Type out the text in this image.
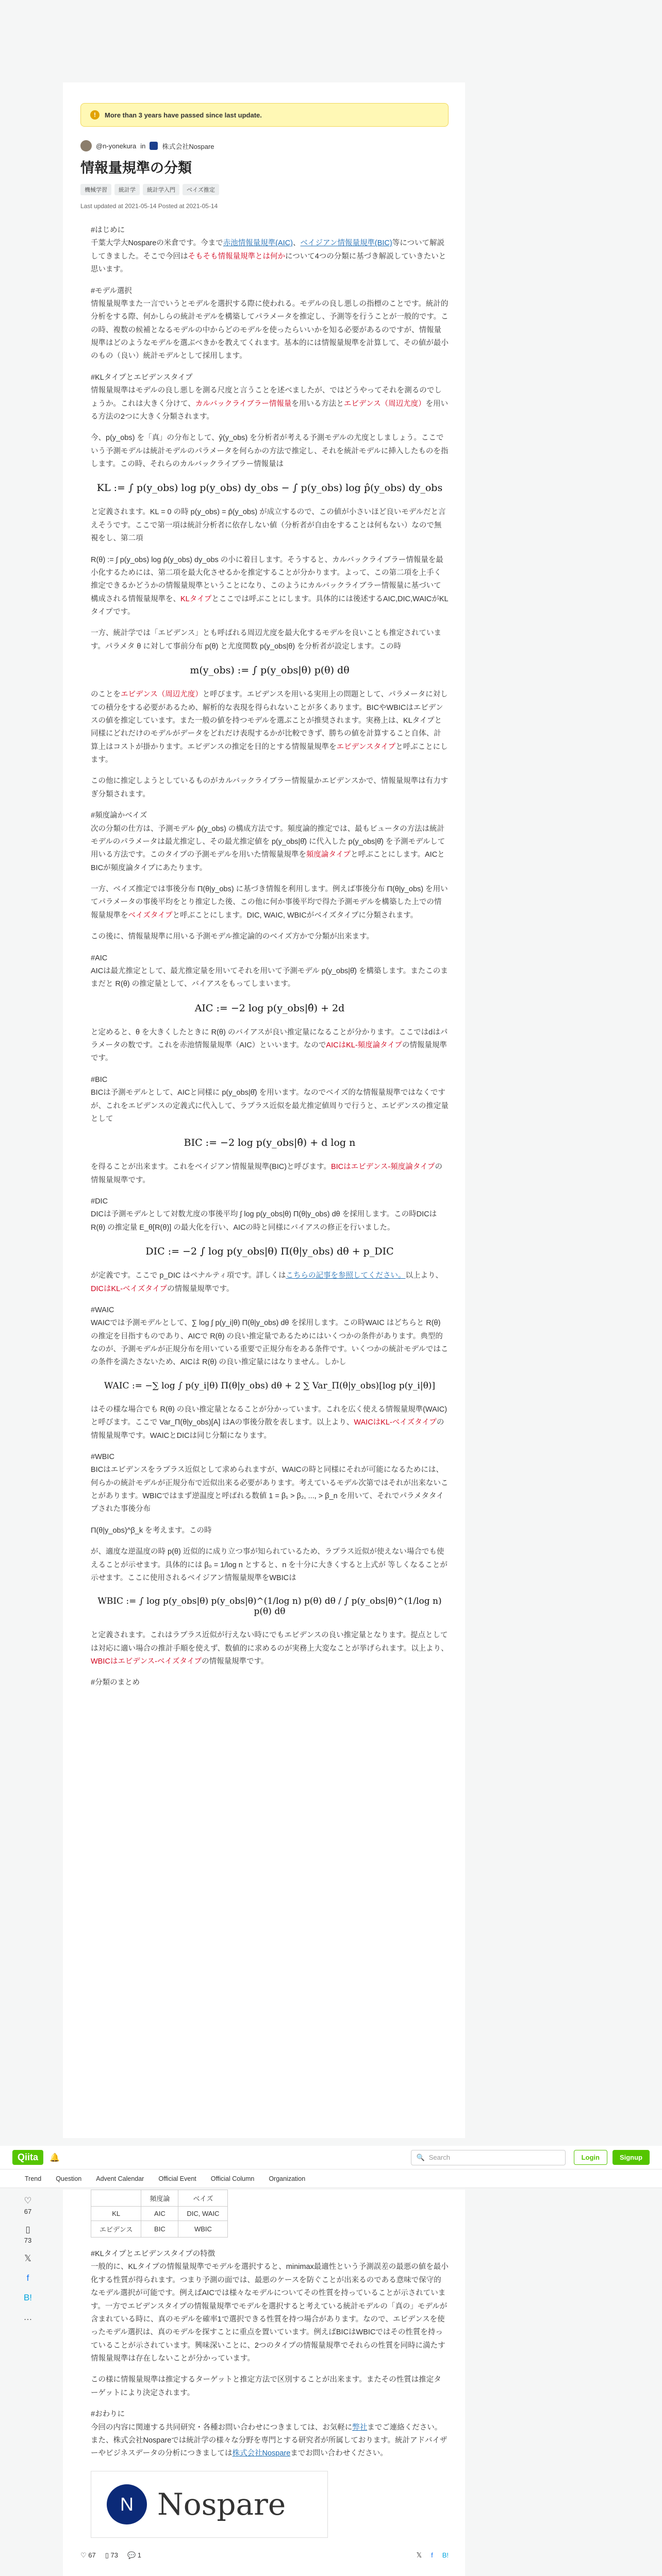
!	More than 3 years have passed since last update.
@n-yonekura in 株式会社Nospare
情報量規準の分類
機械学習	統計学	統計学入門	ベイズ推定
Last updated at 2021-05-14 Posted at 2021-05-14
#はじめに

千葉大学大Nospareの米倉です。今まで赤池情報量規準(AIC)、ベイジアン情報量規準(BIC)等について解説してきました。そこで今回はそもそも情報量規準とは何かについて4つの分類に基づき解説していきたいと思います。

#モデル選択

情報量規準また一言でいうとモデルを選択する際に使われる。モデルの良し悪しの指標のことです。統計的分析をする際、何かしらの統計モデルを構築してパラメータを推定し、予測等を行うことが一般的です。この時、複数の候補となるモデルの中からどのモデルを使ったらいいかを知る必要があるのですが、情報量規準はどのようなモデルを選ぶべきかを教えてくれます。基本的には情報量規準を計算して、その値が最小のもの（良い）統計モデルとして採用します。

#KLタイプとエビデンスタイプ

情報量規準はモデルの良し悪しを測る尺度と言うことを述べましたが、ではどうやってそれを測るのでしょうか。これは大きく分けて、カルバックライブラー情報量を用いる方法とエビデンス（周辺尤度）を用いる方法の2つに大きく分類されます。

今、p(y_obs) を「真」の分布として、ŷ(y_obs) を分析者が考える予測モデルの尤度としましょう。ここでいう予測モデルは統計モデルのパラメータを何らかの方法で推定し、それを統計モデルに挿入したものを指します。この時、それらのカルバックライブラー情報量は

KL := ∫ p(y_obs) log p(y_obs) dy_obs − ∫ p(y_obs) log p̂(y_obs) dy_obs

と定義されます。KL = 0 の時 p(y_obs) = p̂(y_obs) が成立するので、この値が小さいほど良いモデルだと言えそうです。ここで第一項は統計分析者に依存しない値（分析者が自由をすることは何もない）なので無視をし、第二項

R(θ) := ∫ p(y_obs) log p̂(y_obs) dy_obs の小に着目します。そうすると、カルバックライブラー情報量を最小化するためには、第二項を最大化させるかを推定することが分かります。よって、この第二項を上手く推定できるかどうかの情報量規準ということになり、このようにカルバックライブラー情報量に基づいて構成される情報量規準を、KLタイプとここでは呼ぶことにします。具体的には後述するAIC,DIC,WAICがKLタイプです。

一方、統計学では「エビデンス」とも呼ばれる周辺尤度を最大化するモデルを良いことも推定されています。パラメタ θ に対して事前分布 p(θ) と尤度関数 p(y_obs|θ) を分析者が設定します。この時

m(y_obs) := ∫ p(y_obs|θ) p(θ) dθ

のことをエビデンス（周辺尤度）と呼びます。エビデンスを用いる実用上の問題として、パラメータに対しての積分をする必要があるため、解析的な表現を得られないことが多くあります。BICやWBICはエビデンスの値を推定しています。また一般の値を持つモデルを選ぶことが推奨されます。実務上は、KLタイプと同様にどれだけのモデルがデータをどれだけ表現するかが比較できず、勝ちの値を計算すること自体、計算上はコストが掛かります。エビデンスの推定を目的とする情報量規準をエビデンスタイプと呼ぶことにします。

この他に推定しようとしているものがカルバックライブラー情報量かエビデンスかで、情報量規準は有力すぎ分類されます。

#頻度論かベイズ

次の分類の仕方は、予測モデル p̂(y_obs) の構成方法です。頻度論的推定では、最もビュータの方法は統計モデルのパラメータは最尤推定し、その最尤推定値を p(y_obs|θ̂) に代入した p(y_obs|θ̂) を予測モデルして用いる方法です。このタイプの予測モデルを用いた情報量規準を頻度論タイプと呼ぶことにします。AICとBICが頻度論タイプにあたります。

一方、ベイズ推定では事後分布 Π(θ|y_obs) に基づき情報を利用します。例えば事後分布 Π(θ|y_obs) を用いてパラメータの事後平均をとり推定した後、この他に何か事後平均で得た予測モデルを構築した上での情報量規準をベイズタイプと呼ぶことにします。DIC, WAIC, WBICがベイズタイプに分類されます。

この後に、情報量規準に用いる予測モデル推定論的のベイズ方かで分類が出来ます。

#AIC

AICは最尤推定として、最尤推定量を用いてそれを用いて予測モデル p(y_obs|θ̂) を構築します。またこのままだと R(θ) の推定量として、バイアスをもってしまいます。

AIC := −2 log p(y_obs|θ̂) + 2d

と定めると、θ を大きくしたときに R(θ) のバイアスが良い推定量になることが分かります。ここではdはパラメータの数です。これを赤池情報量規準（AIC）といいます。なのでAICはKL-頻度論タイプの情報量規準です。

#BIC

BICは予測モデルとして、AICと同様に p(y_obs|θ̂) を用います。なのでベイズ的な情報量規準ではなくですが、これをエビデンスの定義式に代入して、ラプラス近似を最尤推定値周りで行うと、エビデンスの推定量として

BIC := −2 log p(y_obs|θ̂) + d log n

を得ることが出来ます。これをベイジアン情報量規準(BIC)と呼びます。BICはエビデンス-頻度論タイプの情報量規準です。

#DIC

DICは予測モデルとして対数尤度の事後平均 ∫ log p(y_obs|θ) Π(θ|y_obs) dθ を採用します。この時DICは R(θ) の推定量 E_θ[R(θ)] の最大化を行い、AICの時と同様にバイアスの修正を行いました。

DIC := −2 ∫ log p(y_obs|θ) Π(θ|y_obs) dθ + p_DIC

が定義です。ここで p_DIC はペナルティ項です。詳しくはこちらの記事を参照してください。以上より、DICはKL-ベイズタイプの情報量規準です。

#WAIC

WAICでは予測モデルとして、∑ log ∫ p(y_i|θ) Π(θ|y_obs) dθ を採用します。この時WAIC はどちらと R(θ) の推定を目指すものであり、AICで R(θ) の良い推定量であるためにはいくつかの条件があります。典型的なのが、予測モデルが正規分布を用いている重要で正規分布をある条件です。いくつかの統計モデルではこの条件を満たさないため、AICは R(θ) の良い推定量にはなりません。しかし

WAIC := −∑ log ∫ p(y_i|θ) Π(θ|y_obs) dθ + 2 ∑ Var_Π(θ|y_obs)[log p(y_i|θ)]

はその様な場合でも R(θ) の良い推定量となることが分かっています。これを広く使える情報量規準(WAIC)と呼びます。ここで Var_Π(θ|y_obs)[A] はAの事後分散を表します。以上より、WAICはKL-ベイズタイプの情報量規準です。WAICとDICは同じ分類になります。

#WBIC

BICはエビデンスをラプラス近似として求められますが、WAICの時と同様にそれが可能になるためには、何らかの統計モデルが正規分布で近似出来る必要があります。考えているモデル次第ではそれが出来ないことがあります。WBICではまず逆温度と呼ばれる数値 1 = β₁ > β₂, ..., > β_n を用いて、それでパラメタタイプされた事後分布

Π(θ|y_obs)^β_k を考えます。この時

が、適度な逆温度の時 p(θ) 近似的に成り立つ事が知られているため、ラプラス近似が使えない場合でも使えることが示せます。具体的には β₀ = 1/log n とすると、n を十分に大きくすると上式が 等しくなることが示せます。ここに使用されるベイジアン情報量規準をWBICは

WBIC := ∫ log p(y_obs|θ) p(y_obs|θ)^(1/log n) p(θ) dθ / ∫ p(y_obs|θ)^(1/log n) p(θ) dθ

と定義されます。これはラプラス近似が行えない時にでもエビデンスの良い推定量となります。提点としては対応に適い場合の推計手順を使えず、数値的に求めるのが実務上大変なことが挙げられます。以上より、WBICはエビデンス-ベイズタイプの情報量規準です。

#分類のまとめ
Qiita	🔔	🔍 Search	Login	Signup
Trend Question Advent Calendar Official Event Official Column Organization
♡
67
▯
73
𝕏
f
B!
…
	頻度論	ベイズ
KL	AIC	DIC, WAIC
エビデンス	BIC	WBIC
#KLタイプとエビデンスタイプの特徴

一般的に、KLタイプの情報量規準でモデルを選択すると、minimax最適性という予測誤差の最悪の値を最小化する性質が得られます。つまり予測の面では、最悪のケースを防ぐことが出来るのである意味で保守的なモデル選択が可能です。例えばAICでは様々なモデルについてその性質を持っていることが示されています。一方でエビデンスタイプの情報量規準でモデルを選択すると考えている統計モデルの「真の」モデルが含まれている時に、真のモデルを確率1で選択できる性質を持つ場合があります。なので、エビデンスを使ったモデル選択は、真のモデルを探すことに重点を置いています。例えばBICはWBICではその性質を持っていることが示されています。興味深いことに、2つのタイプの情報量規準でそれらの性質を同時に満たす情報量規準は存在しないことが分かっています。

この様に情報量規準は推定するターゲットと推定方法で区別することが出来ます。またその性質は推定ターゲットにより決定されます。

#おわりに

今回の内容に関連する共同研究・各種お問い合わせにつきましては、お気軽に弊社までご連絡ください。また、株式会社Nospareでは統計学の様々な分野を専門とする研究者が所属しております。統計アドバイザーやビジネスデータの分析につきましては株式会社Nospareまでお問い合わせください。

N Nospare
♡ 67 ▯ 73 💬 1	𝕏 f B!
